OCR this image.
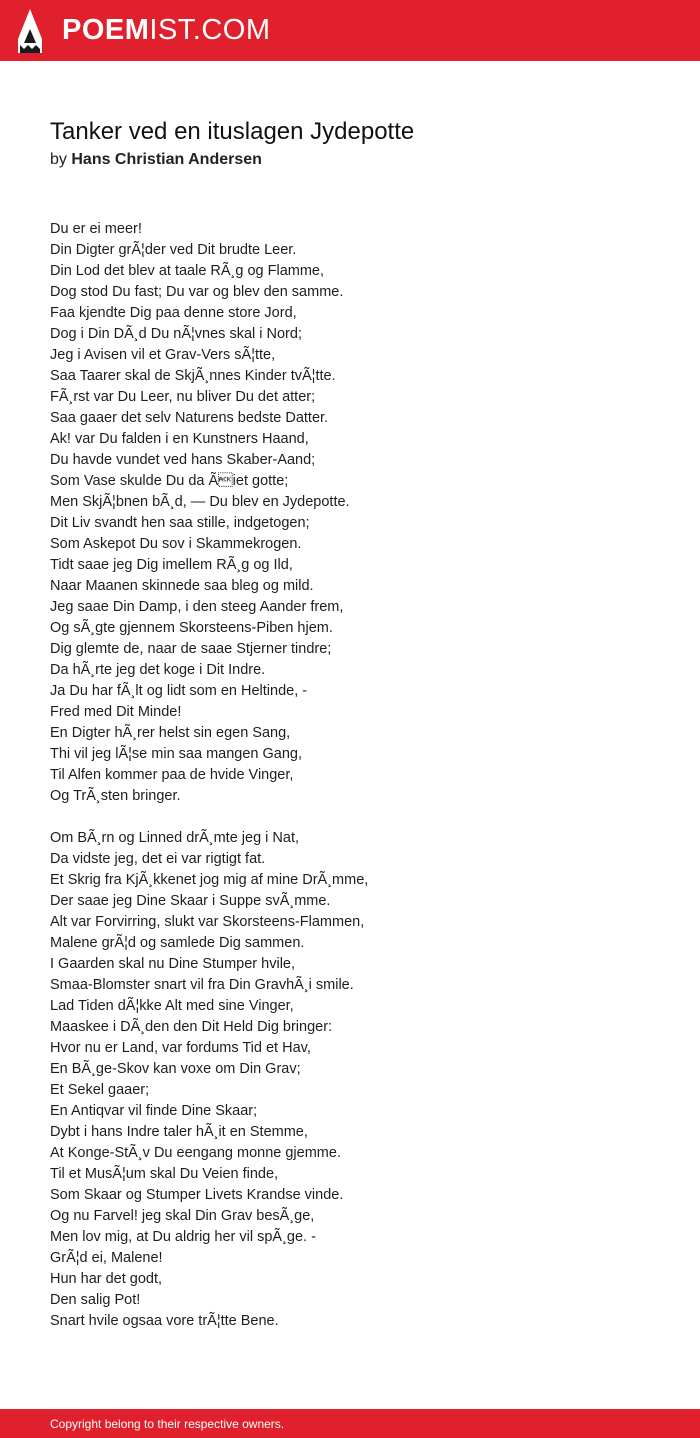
POEMIST.COM
Tanker ved en ituslagen Jydepotte
by Hans Christian Andersen
Du er ei meer!
Din Digter grÃ¦der ved Dit brudte Leer.
Din Lod det blev at taale RÃ¸g og Flamme,
Dog stod Du fast; Du var og blev den samme.
Faa kjendte Dig paa denne store Jord,
Dog i Din DÃ¸d Du nÃ¦vnes skal i Nord;
Jeg i Avisen vil et Grav-Vers sÃ¦tte,
Saa Taarer skal de SkjÃ¸nnes Kinder tvÃ¦tte.
FÃ¸rst var Du Leer, nu bliver Du det atter;
Saa gaaer det selv Naturens bedste Datter.
Ak! var Du falden i en Kunstners Haand,
Du havde vundet ved hans Skaber-Aand;
Som Vase skulde Du da Ãiet gotte;
Men SkjÃ¦bnen bÃ¸d, — Du blev en Jydepotte.
Dit Liv svandt hen saa stille, indgetogen;
Som Askepot Du sov i Skammekrogen.
Tidt saae jeg Dig imellem RÃ¸g og Ild,
Naar Maanen skinnede saa bleg og mild.
Jeg saae Din Damp, i den steeg Aander frem,
Og sÃ¸gte gjennem Skorsteens-Piben hjem.
Dig glemte de, naar de saae Stjerner tindre;
Da hÃ¸rte jeg det koge i Dit Indre.
Ja Du har fÃ¸lt og lidt som en Heltinde, -
Fred med Dit Minde!
En Digter hÃ¸rer helst sin egen Sang,
Thi vil jeg lÃ¦se min saa mangen Gang,
Til Alfen kommer paa de hvide Vinger,
Og TrÃ¸sten bringer.
Om BÃ¸rn og Linned drÃ¸mte jeg i Nat,
Da vidste jeg, det ei var rigtigt fat.
Et Skrig fra KjÃ¸kkenet jog mig af mine DrÃ¸mme,
Der saae jeg Dine Skaar i Suppe svÃ¸mme.
Alt var Forvirring, slukt var Skorsteens-Flammen,
Malene grÃ¦d og samlede Dig sammen.
I Gaarden skal nu Dine Stumper hvile,
Smaa-Blomster snart vil fra Din GravhÃ¸i smile.
Lad Tiden dÃ¦kke Alt med sine Vinger,
Maaskee i DÃ¸den den Dit Held Dig bringer:
Hvor nu er Land, var fordums Tid et Hav,
En BÃ¸ge-Skov kan voxe om Din Grav;
Et Sekel gaaer;
En Antiqvar vil finde Dine Skaar;
Dybt i hans Indre taler hÃ¸it en Stemme,
At Konge-StÃ¸v Du eengang monne gjemme.
Til et MusÃ¦um skal Du Veien finde,
Som Skaar og Stumper Livets Krandse vinde.
Og nu Farvel! jeg skal Din Grav besÃ¸ge,
Men lov mig, at Du aldrig her vil spÃ¸ge. -
GrÃ¦d ei, Malene!
Hun har det godt,
Den salig Pot!
Snart hvile ogsaa vore trÃ¦tte Bene.
Copyright belong to their respective owners.
